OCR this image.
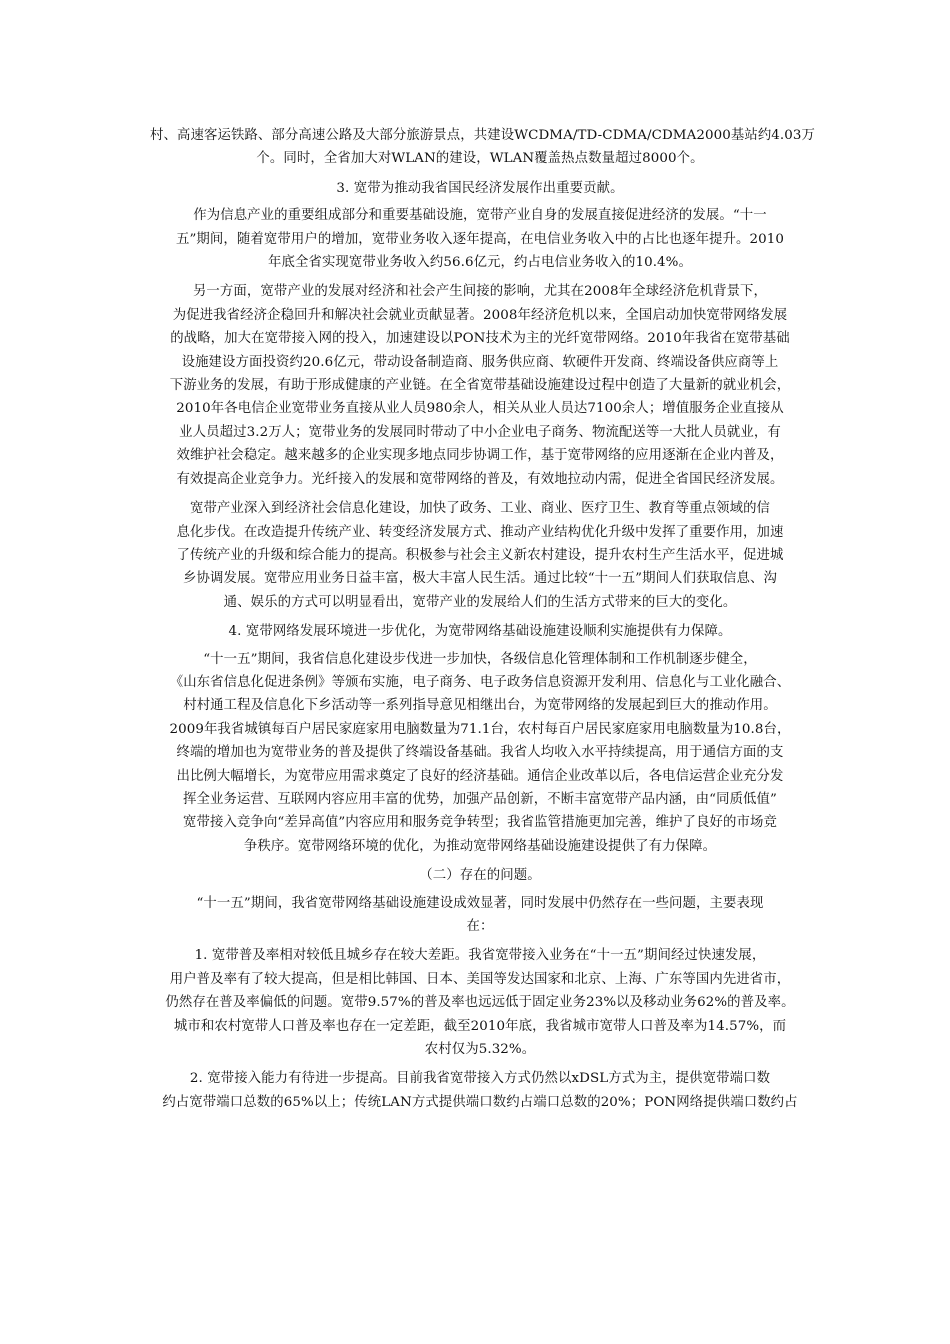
村、高速客运铁路、部分高速公路及大部分旅游景点，共建设WCDMA/TD-CDMA/CDMA2000基站约4.03万
个。同时，全省加大对WLAN的建设，WLAN覆盖热点数量超过8000个。

3. 宽带为推动我省国民经济发展作出重要贡献。

作为信息产业的重要组成部分和重要基础设施，宽带产业自身的发展直接促进经济的发展。“十一
五”期间，随着宽带用户的增加，宽带业务收入逐年提高，在电信业务收入中的占比也逐年提升。2010
年底全省实现宽带业务收入约56.6亿元，约占电信业务收入的10.4%。

另一方面，宽带产业的发展对经济和社会产生间接的影响，尤其在2008年全球经济危机背景下，
为促进我省经济企稳回升和解决社会就业贡献显著。2008年经济危机以来，全国启动加快宽带网络发展
的战略，加大在宽带接入网的投入，加速建设以PON技术为主的光纤宽带网络。2010年我省在宽带基础
设施建设方面投资约20.6亿元，带动设备制造商、服务供应商、软硬件开发商、终端设备供应商等上
下游业务的发展，有助于形成健康的产业链。在全省宽带基础设施建设过程中创造了大量新的就业机会，
2010年各电信企业宽带业务直接从业人员980余人，相关从业人员达7100余人；增值服务企业直接从
业人员超过3.2万人；宽带业务的发展同时带动了中小企业电子商务、物流配送等一大批人员就业，有
效维护社会稳定。越来越多的企业实现多地点同步协调工作，基于宽带网络的应用逐渐在企业内普及，
有效提高企业竞争力。光纤接入的发展和宽带网络的普及，有效地拉动内需，促进全省国民经济发展。

宽带产业深入到经济社会信息化建设，加快了政务、工业、商业、医疗卫生、教育等重点领域的信
息化步伐。在改造提升传统产业、转变经济发展方式、推动产业结构优化升级中发挥了重要作用，加速
了传统产业的升级和综合能力的提高。积极参与社会主义新农村建设，提升农村生产生活水平，促进城
乡协调发展。宽带应用业务日益丰富，极大丰富人民生活。通过比较“十一五”期间人们获取信息、沟
通、娱乐的方式可以明显看出，宽带产业的发展给人们的生活方式带来的巨大的变化。

4. 宽带网络发展环境进一步优化，为宽带网络基础设施建设顺利实施提供有力保障。

“十一五”期间，我省信息化建设步伐进一步加快，各级信息化管理体制和工作机制逐步健全，
《山东省信息化促进条例》等颁布实施，电子商务、电子政务信息资源开发利用、信息化与工业化融合、
村村通工程及信息化下乡活动等一系列指导意见相继出台，为宽带网络的发展起到巨大的推动作用。
2009年我省城镇每百户居民家庭家用电脑数量为71.1台，农村每百户居民家庭家用电脑数量为10.8台，
终端的增加也为宽带业务的普及提供了终端设备基础。我省人均收入水平持续提高，用于通信方面的支
出比例大幅增长，为宽带应用需求奠定了良好的经济基础。通信企业改革以后，各电信运营企业充分发
挥全业务运营、互联网内容应用丰富的优势，加强产品创新，不断丰富宽带产品内涵，由“同质低值”
宽带接入竞争向“差异高值”内容应用和服务竞争转型；我省监管措施更加完善，维护了良好的市场竞
争秩序。宽带网络环境的优化，为推动宽带网络基础设施建设提供了有力保障。

（二）存在的问题。

“十一五”期间，我省宽带网络基础设施建设成效显著，同时发展中仍然存在一些问题，主要表现
在：

1. 宽带普及率相对较低且城乡存在较大差距。我省宽带接入业务在“十一五”期间经过快速发展，
用户普及率有了较大提高，但是相比韩国、日本、美国等发达国家和北京、上海、广东等国内先进省市，
仍然存在普及率偏低的问题。宽带9.57%的普及率也远远低于固定业务23%以及移动业务62%的普及率。
城市和农村宽带人口普及率也存在一定差距，截至2010年底，我省城市宽带人口普及率为14.57%，而
农村仅为5.32%。

2. 宽带接入能力有待进一步提高。目前我省宽带接入方式仍然以xDSL方式为主，提供宽带端口数
约占宽带端口总数的65%以上；传统LAN方式提供端口数约占端口总数的20%；PON网络提供端口数约占
